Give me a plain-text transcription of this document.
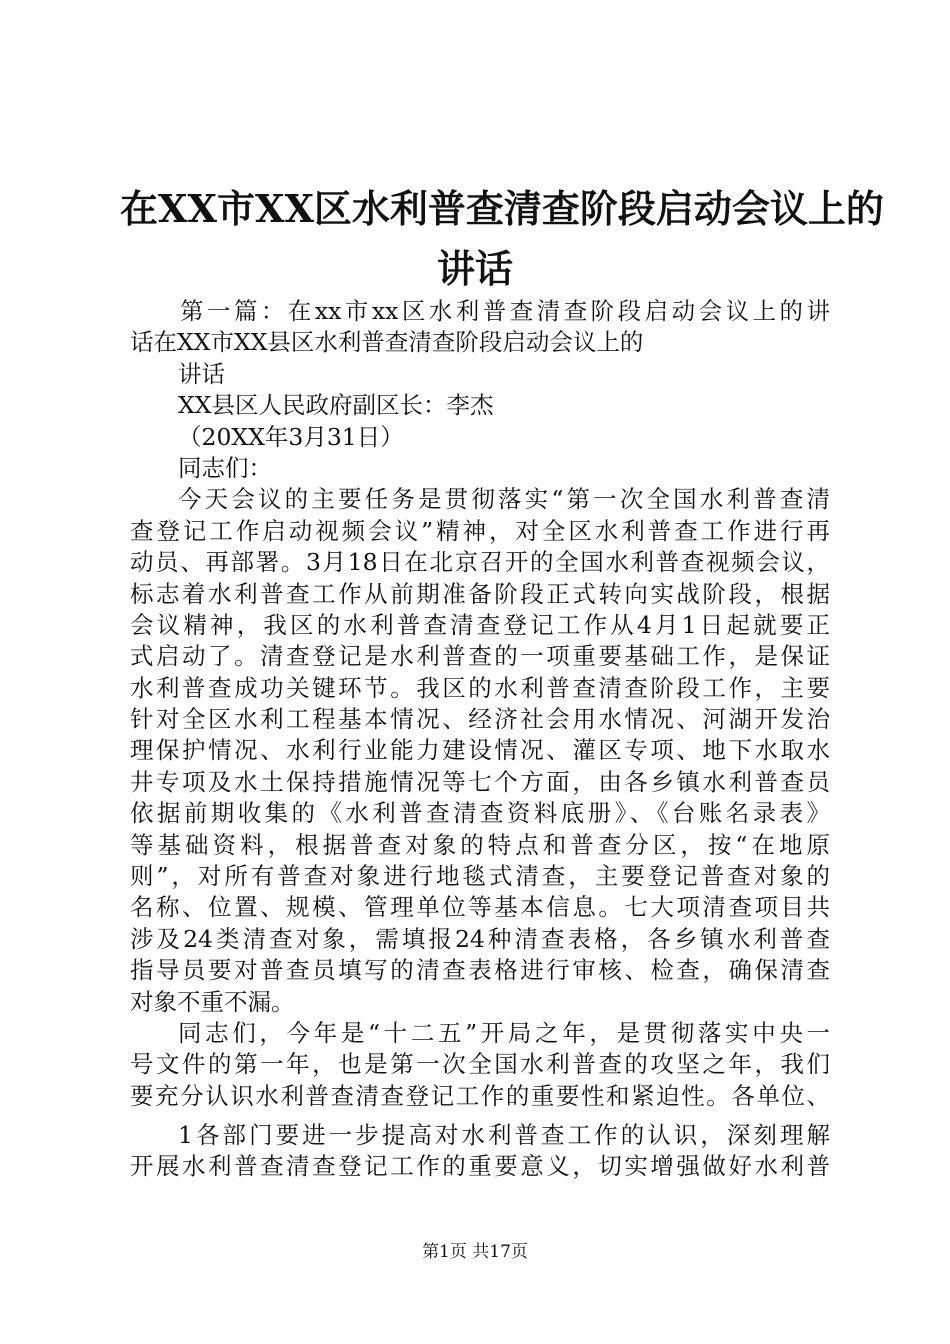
在XX市XX区水利普查清查阶段启动会议上的
讲话
第一篇：在xx市xx区水利普查清查阶段启动会议上的讲
话在XX市XX县区水利普查清查阶段启动会议上的
讲话
XX县区人民政府副区长：李杰
（20XX年3月31日）
同志们：
今天会议的主要任务是贯彻落实“第一次全国水利普查清
查登记工作启动视频会议”精神，对全区水利普查工作进行再
动员、再部署。3月18日在北京召开的全国水利普查视频会议，
标志着水利普查工作从前期准备阶段正式转向实战阶段，根据
会议精神，我区的水利普查清查登记工作从4月1日起就要正
式启动了。清查登记是水利普查的一项重要基础工作，是保证
水利普查成功关键环节。我区的水利普查清查阶段工作，主要
针对全区水利工程基本情况、经济社会用水情况、河湖开发治
理保护情况、水利行业能力建设情况、灌区专项、地下水取水
井专项及水土保持措施情况等七个方面，由各乡镇水利普查员
依据前期收集的《水利普查清查资料底册》、《台账名录表》
等基础资料，根据普查对象的特点和普查分区，按“在地原
则”，对所有普查对象进行地毯式清查，主要登记普查对象的
名称、位置、规模、管理单位等基本信息。七大项清查项目共
涉及24类清查对象，需填报24种清查表格，各乡镇水利普查
指导员要对普查员填写的清查表格进行审核、检查，确保清查
对象不重不漏。
同志们，今年是“十二五”开局之年，是贯彻落实中央一
号文件的第一年，也是第一次全国水利普查的攻坚之年，我们
要充分认识水利普查清查登记工作的重要性和紧迫性。各单位、
1各部门要进一步提高对水利普查工作的认识，深刻理解
开展水利普查清查登记工作的重要意义，切实增强做好水利普
第1页 共17页
